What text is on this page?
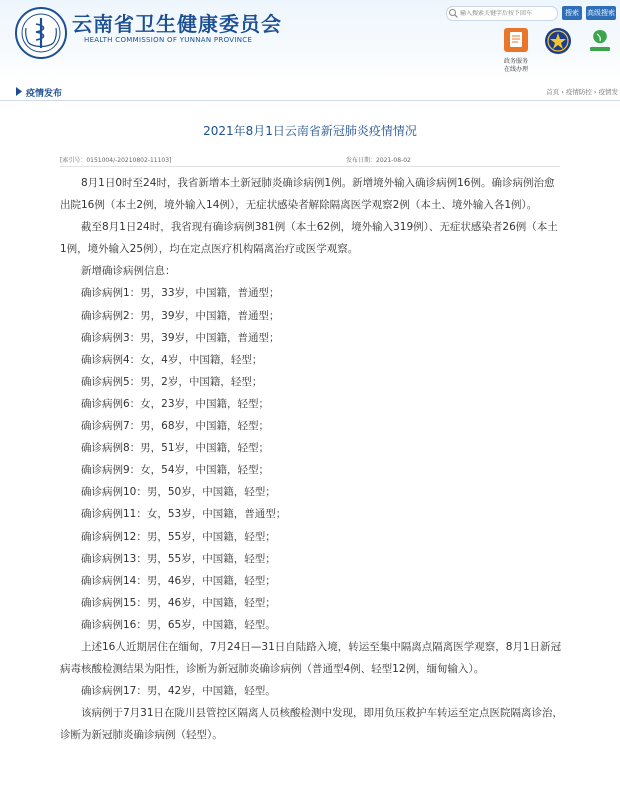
云南省卫生健康委员会
HEALTH COMMISSION OF YUNNAN PROVINCE
输入搜索关键字后按下回车
搜索	高级搜索
政务服务
在线办理
疫情发布	首页 › 疫情防控 › 疫情发
2021年8月1日云南省新冠肺炎疫情情况
[索引号：0151004/-20210802-11103]	发布日期：2021-08-02

8月1日0时至24时，我省新增本土新冠肺炎确诊病例1例。新增境外输入确诊病例16例。确诊病例治愈出院16例（本土2例，境外输入14例），无症状感染者解除隔离医学观察2例（本土、境外输入各1例）。

截至8月1日24时，我省现有确诊病例381例（本土62例，境外输入319例）、无症状感染者26例（本土1例，境外输入25例），均在定点医疗机构隔离治疗或医学观察。

新增确诊病例信息：

确诊病例1：男，33岁，中国籍，普通型；

确诊病例2：男，39岁，中国籍，普通型；

确诊病例3：男，39岁，中国籍，普通型；

确诊病例4：女，4岁，中国籍，轻型；

确诊病例5：男，2岁，中国籍，轻型；

确诊病例6：女，23岁，中国籍，轻型；

确诊病例7：男，68岁，中国籍，轻型；

确诊病例8：男，51岁，中国籍，轻型；

确诊病例9：女，54岁，中国籍，轻型；

确诊病例10：男，50岁，中国籍，轻型；

确诊病例11：女，53岁，中国籍，普通型；

确诊病例12：男，55岁，中国籍，轻型；

确诊病例13：男，55岁，中国籍，轻型；

确诊病例14：男，46岁，中国籍，轻型；

确诊病例15：男，46岁，中国籍，轻型；

确诊病例16：男，65岁，中国籍，轻型。

上述16人近期居住在缅甸，7月24日—31日自陆路入境，转运至集中隔离点隔离医学观察，8月1日新冠病毒核酸检测结果为阳性，诊断为新冠肺炎确诊病例（普通型4例、轻型12例，缅甸输入）。

确诊病例17：男，42岁，中国籍，轻型。

该病例于7月31日在陇川县管控区隔离人员核酸检测中发现，即用负压救护车转运至定点医院隔离诊治，诊断为新冠肺炎确诊病例（轻型）。
